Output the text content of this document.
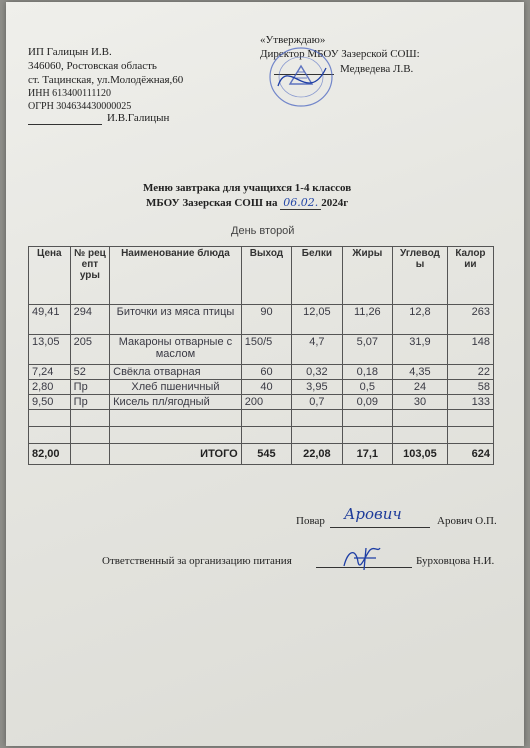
ИП Галицын И.В.
346060, Ростовская область
ст. Тацинская, ул.Молодёжная,60
ИНН 613400111120
ОГРН 304634430000025
И.В.Галицын
«Утверждаю»
Директор МБОУ Зазерской СОШ:
Медведева Л.В.
Меню завтрака для учащихся 1-4 классов
МБОУ Зазерская СОШ на 06.02. 2024г
День второй
Цена	№ рец епт уры	Наименование блюда	Выход	Белки	Жиры	Углевод ы	Калор ии
49,41	294	Биточки из мяса птицы	90	12,05	11,26	12,8	263
13,05	205	Макароны отварные с маслом	150/5	4,7	5,07	31,9	148
7,24	52	Свёкла отварная	60	0,32	0,18	4,35	22
2,80	Пр	Хлеб пшеничный	40	3,95	0,5	24	58
9,50	Пр	Кисель пл/ягодный	200	0,7	0,09	30	133

82,00		ИТОГО	545	22,08	17,1	103,05	624
Повар Арович	Арович О.П.
Ответственный за организацию питания	Бурховцова Н.И.
